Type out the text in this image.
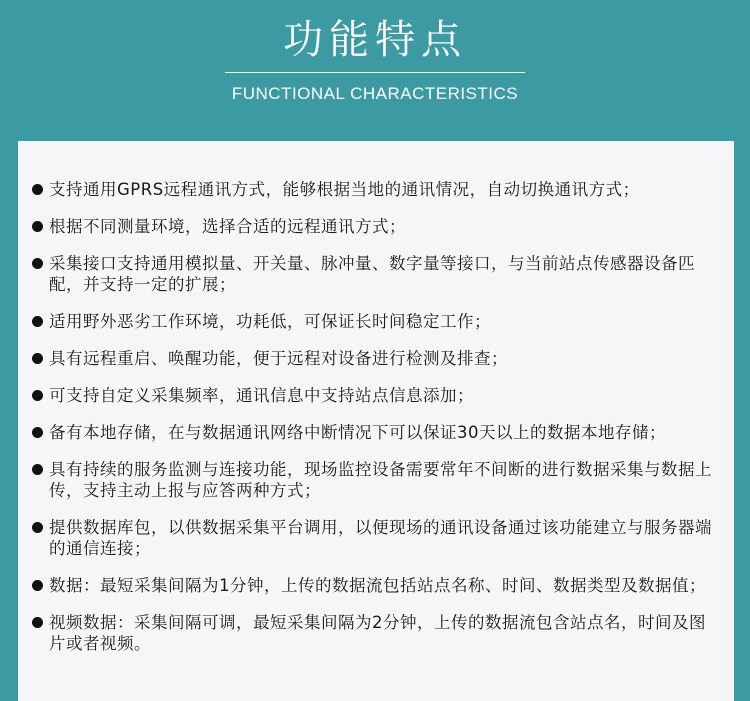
功能特点
FUNCTIONAL CHARACTERISTICS
支持通用GPRS远程通讯方式，能够根据当地的通讯情况，自动切换通讯方式；
根据不同测量环境，选择合适的远程通讯方式；
采集接口支持通用模拟量、开关量、脉冲量、数字量等接口，与当前站点传感器设备匹配，并支持一定的扩展；
适用野外恶劣工作环境，功耗低，可保证长时间稳定工作；
具有远程重启、唤醒功能，便于远程对设备进行检测及排查；
可支持自定义采集频率，通讯信息中支持站点信息添加；
备有本地存储，在与数据通讯网络中断情况下可以保证30天以上的数据本地存储；
具有持续的服务监测与连接功能，现场监控设备需要常年不间断的进行数据采集与数据上传，支持主动上报与应答两种方式；
提供数据库包，以供数据采集平台调用，以便现场的通讯设备通过该功能建立与服务器端的通信连接；
数据：最短采集间隔为1分钟，上传的数据流包括站点名称、时间、数据类型及数据值；
视频数据：采集间隔可调，最短采集间隔为2分钟，上传的数据流包含站点名，时间及图片或者视频。
